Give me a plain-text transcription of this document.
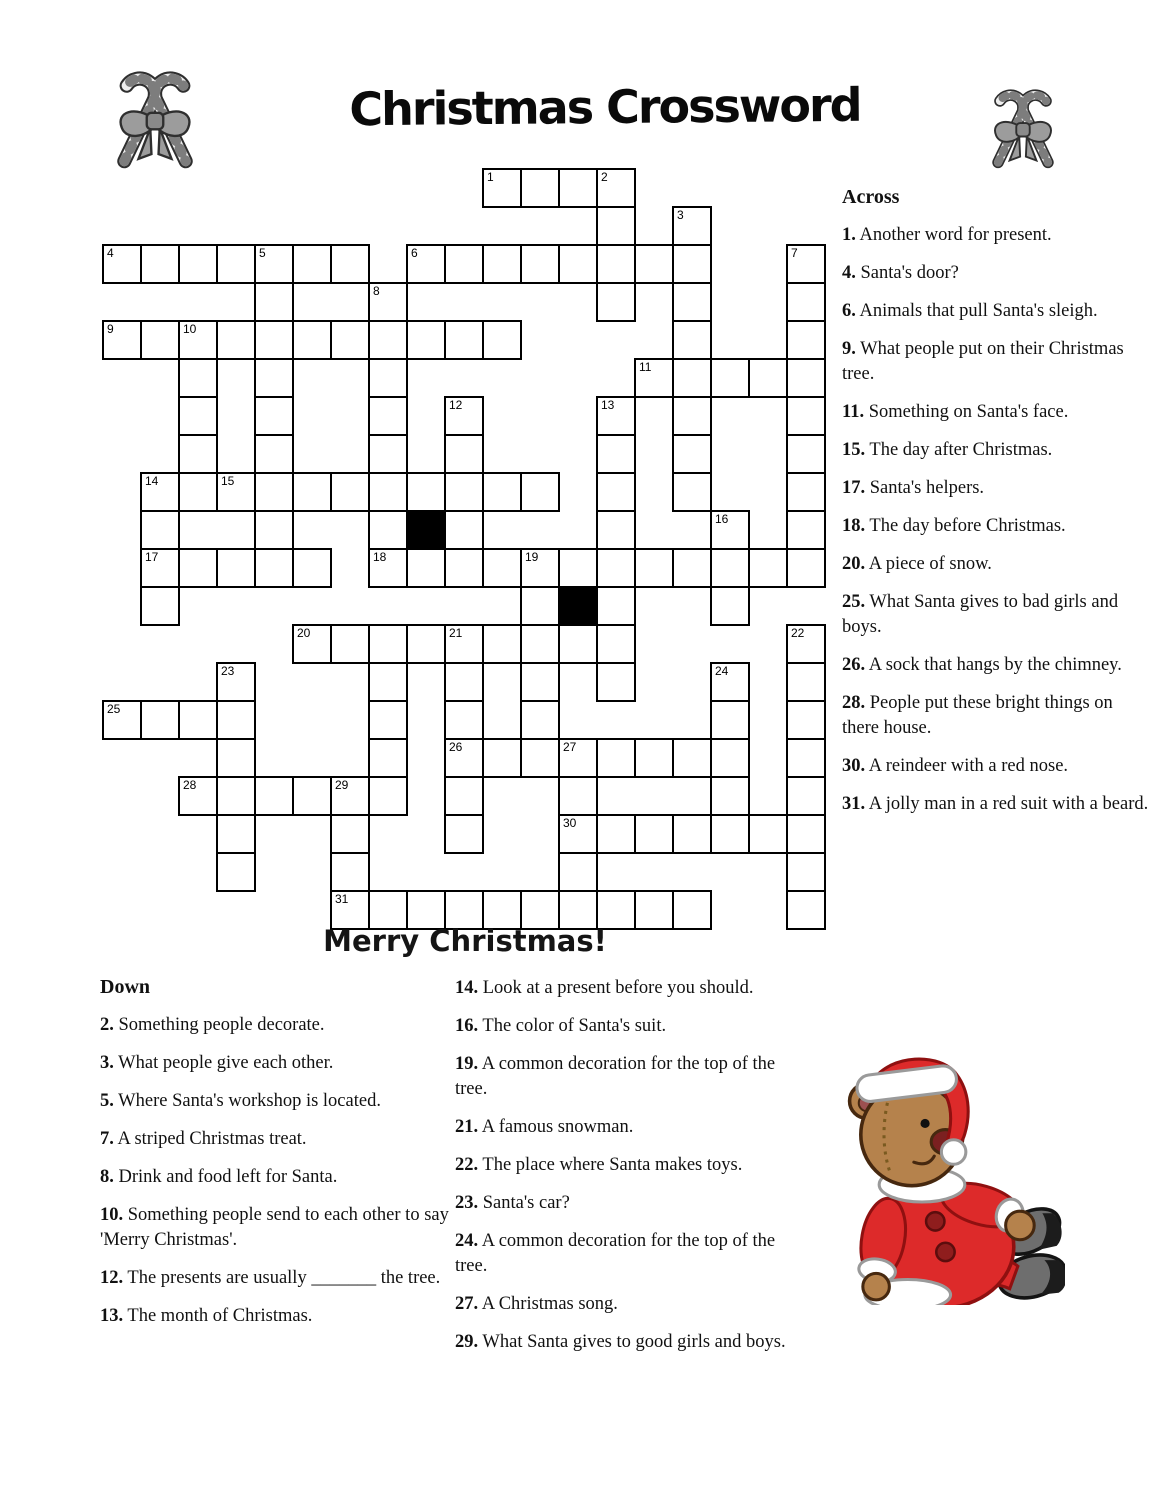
Christmas Crossword
1	2
3
4	5	6	7
8
9	10
11
12	13
14	15
16
17	18	19
20	21	22
23	24
25
26	27
28	29
30
31
Merry Christmas!

Across

1. Another word for present.

4. Santa's door?

6. Animals that pull Santa's sleigh.

9. What people put on their Christmas tree.

11. Something on Santa's face.

15. The day after Christmas.

17. Santa's helpers.

18. The day before Christmas.

20. A piece of snow.

25. What Santa gives to bad girls and boys.

26. A sock that hangs by the chimney.

28. People put these bright things on there house.

30. A reindeer with a red nose.

31. A jolly man in a red suit with a beard.

Down

2. Something people decorate.

3. What people give each other.

5. Where Santa's workshop is located.

7. A striped Christmas treat.

8. Drink and food left for Santa.

10. Something people send to each other to say 'Merry Christmas'.

12. The presents are usually _______ the tree.

13. The month of Christmas.

14. Look at a present before you should.

16. The color of Santa's suit.

19. A common decoration for the top of the tree.

21. A famous snowman.

22. The place where Santa makes toys.

23. Santa's car?

24. A common decoration for the top of the tree.

27. A Christmas song.

29. What Santa gives to good girls and boys.
